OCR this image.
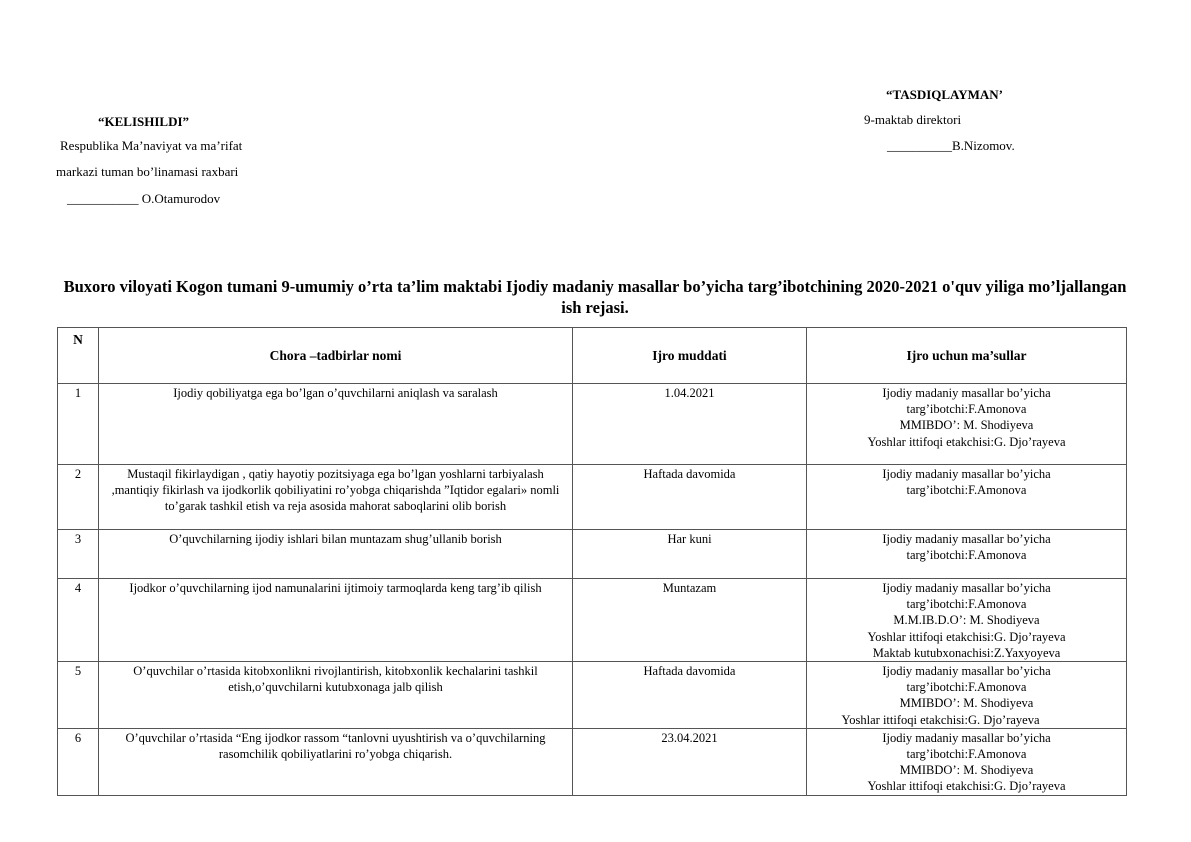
“TASDIQLAYMAN’
9-maktab direktori
__________B.Nizomov.
“KELISHILDI”
Respublika Ma’naviyat va ma’rifat
markazi tuman bo’linamasi raxbari
___________ O.Otamurodov
Buxoro viloyati Kogon tumani 9-umumiy o’rta ta’lim maktabi Ijodiy madaniy masallar bo’yicha targ’ibotchining 2020-2021 o'quv yiliga mo’ljallangan ish rejasi.
N	Chora –tadbirlar nomi	Ijro muddati	Ijro uchun ma’sullar
1	Ijodiy qobiliyatga ega bo’lgan o’quvchilarni aniqlash va saralash	1.04.2021	Ijodiy madaniy masallar bo’yicha
targ’ibotchi:F.Amonova
MMIBDO’: M. Shodiyeva
Yoshlar ittifoqi etakchisi:G. Djo’rayeva

2	Mustaqil fikirlaydigan , qatiy hayotiy pozitsiyaga ega bo’lgan yoshlarni tarbiyalash ,mantiqiy fikirlash va ijodkorlik qobiliyatini ro’yobga chiqarishda ”Iqtidor egalari» nomli to’garak tashkil etish va reja asosida mahorat saboqlarini olib borish	Haftada davomida	Ijodiy madaniy masallar bo’yicha
targ’ibotchi:F.Amonova

3	O’quvchilarning ijodiy ishlari bilan muntazam shug’ullanib borish	Har kuni	Ijodiy madaniy masallar bo’yicha
targ’ibotchi:F.Amonova

4	Ijodkor o’quvchilarning ijod namunalarini ijtimoiy tarmoqlarda keng targ’ib qilish	Muntazam	Ijodiy madaniy masallar bo’yicha
targ’ibotchi:F.Amonova
M.M.IB.D.O’: M. Shodiyeva
Yoshlar ittifoqi etakchisi:G. Djo’rayeva
Maktab kutubxonachisi:Z.Yaxyoyeva

5	O’quvchilar o’rtasida kitobxonlikni rivojlantirish, kitobxonlik kechalarini tashkil etish,o’quvchilarni kutubxonaga jalb qilish	Haftada davomida	Ijodiy madaniy masallar bo’yicha
targ’ibotchi:F.Amonova
MMIBDO’: M. Shodiyeva
Yoshlar ittifoqi etakchisi:G. Djo’rayeva

6	O’quvchilar o’rtasida “Eng ijodkor rassom “tanlovni uyushtirish va o’quvchilarning rasomchilik qobiliyatlarini ro’yobga chiqarish.	23.04.2021	Ijodiy madaniy masallar bo’yicha
targ’ibotchi:F.Amonova
MMIBDO’: M. Shodiyeva
Yoshlar ittifoqi etakchisi:G. Djo’rayeva
